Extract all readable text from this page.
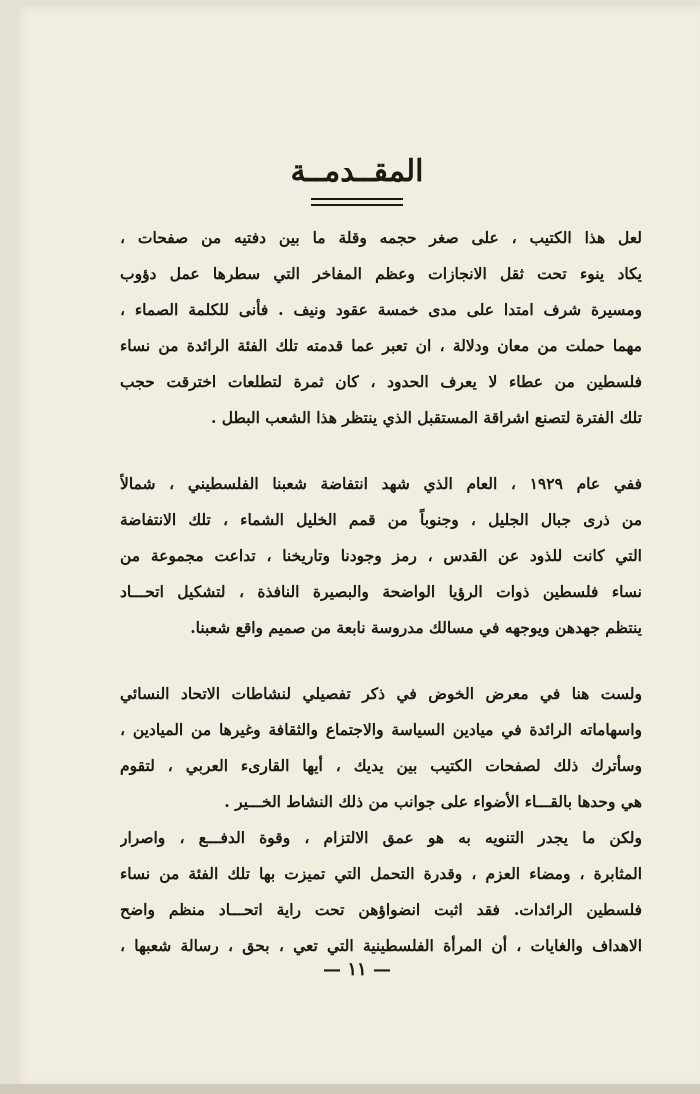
المقــدمــة
لعل هذا الكتيب ، على صغر حجمه وقلة ما بين دفتيه من صفحات ،
يكاد ينوء تحت ثقل الانجازات وعظم المفاخر التي سطرها عمل دؤوب
ومسيرة شرف امتدا على مدى خمسة عقود ونيف . فأنى للكلمة الصماء ،
مهما حملت من معان ودلالة ، ان تعبر عما قدمته تلك الفئة الرائدة من نساء
فلسطين من عطاء لا يعرف الحدود ، كان ثمرة لتطلعات اخترقت حجب
تلك الفترة لتصنع اشراقة المستقبل الذي ينتظر هذا الشعب البطل .
ففي عام ١٩٢٩ ، العام الذي شهد انتفاضة شعبنا الفلسطيني ، شمالاً
من ذرى جبال الجليل ، وجنوباً من قمم الخليل الشماء ، تلك الانتفاضة
التي كانت للذود عن القدس ، رمز وجودنا وتاريخنا ، تداعت مجموعة من
نساء فلسطين ذوات الرؤيا الواضحة والبصيرة النافذة ، لتشكيل اتحـــاد
ينتظم جهدهن ويوجهه في مسالك مدروسة نابعة من صميم واقع شعبنا.
ولست هنا في معرض الخوض في ذكر تفصيلي لنشاطات الاتحاد النسائي
واسهاماته الرائدة في ميادين السياسة والاجتماع والثقافة وغيرها من الميادين ،
وسأترك ذلك لصفحات الكتيب بين يديك ، أيها القارىء العربي ، لتقوم
هي وحدها بالقـــاء الأضواء على جوانب من ذلك النشاط الخـــير .
ولكن ما يجدر التنويه به هو عمق الالتزام ، وقوة الدفـــع ، واصرار
المثابرة ، ومضاء العزم ، وقدرة التحمل التي تميزت بها تلك الفئة من نساء
فلسطين الرائدات. فقد اثبت انضواؤهن تحت راية اتحـــاد منظم واضح
الاهداف والغايات ، أن المرأة الفلسطينية التي تعي ، بحق ، رسالة شعبها ،
— ١١ —
